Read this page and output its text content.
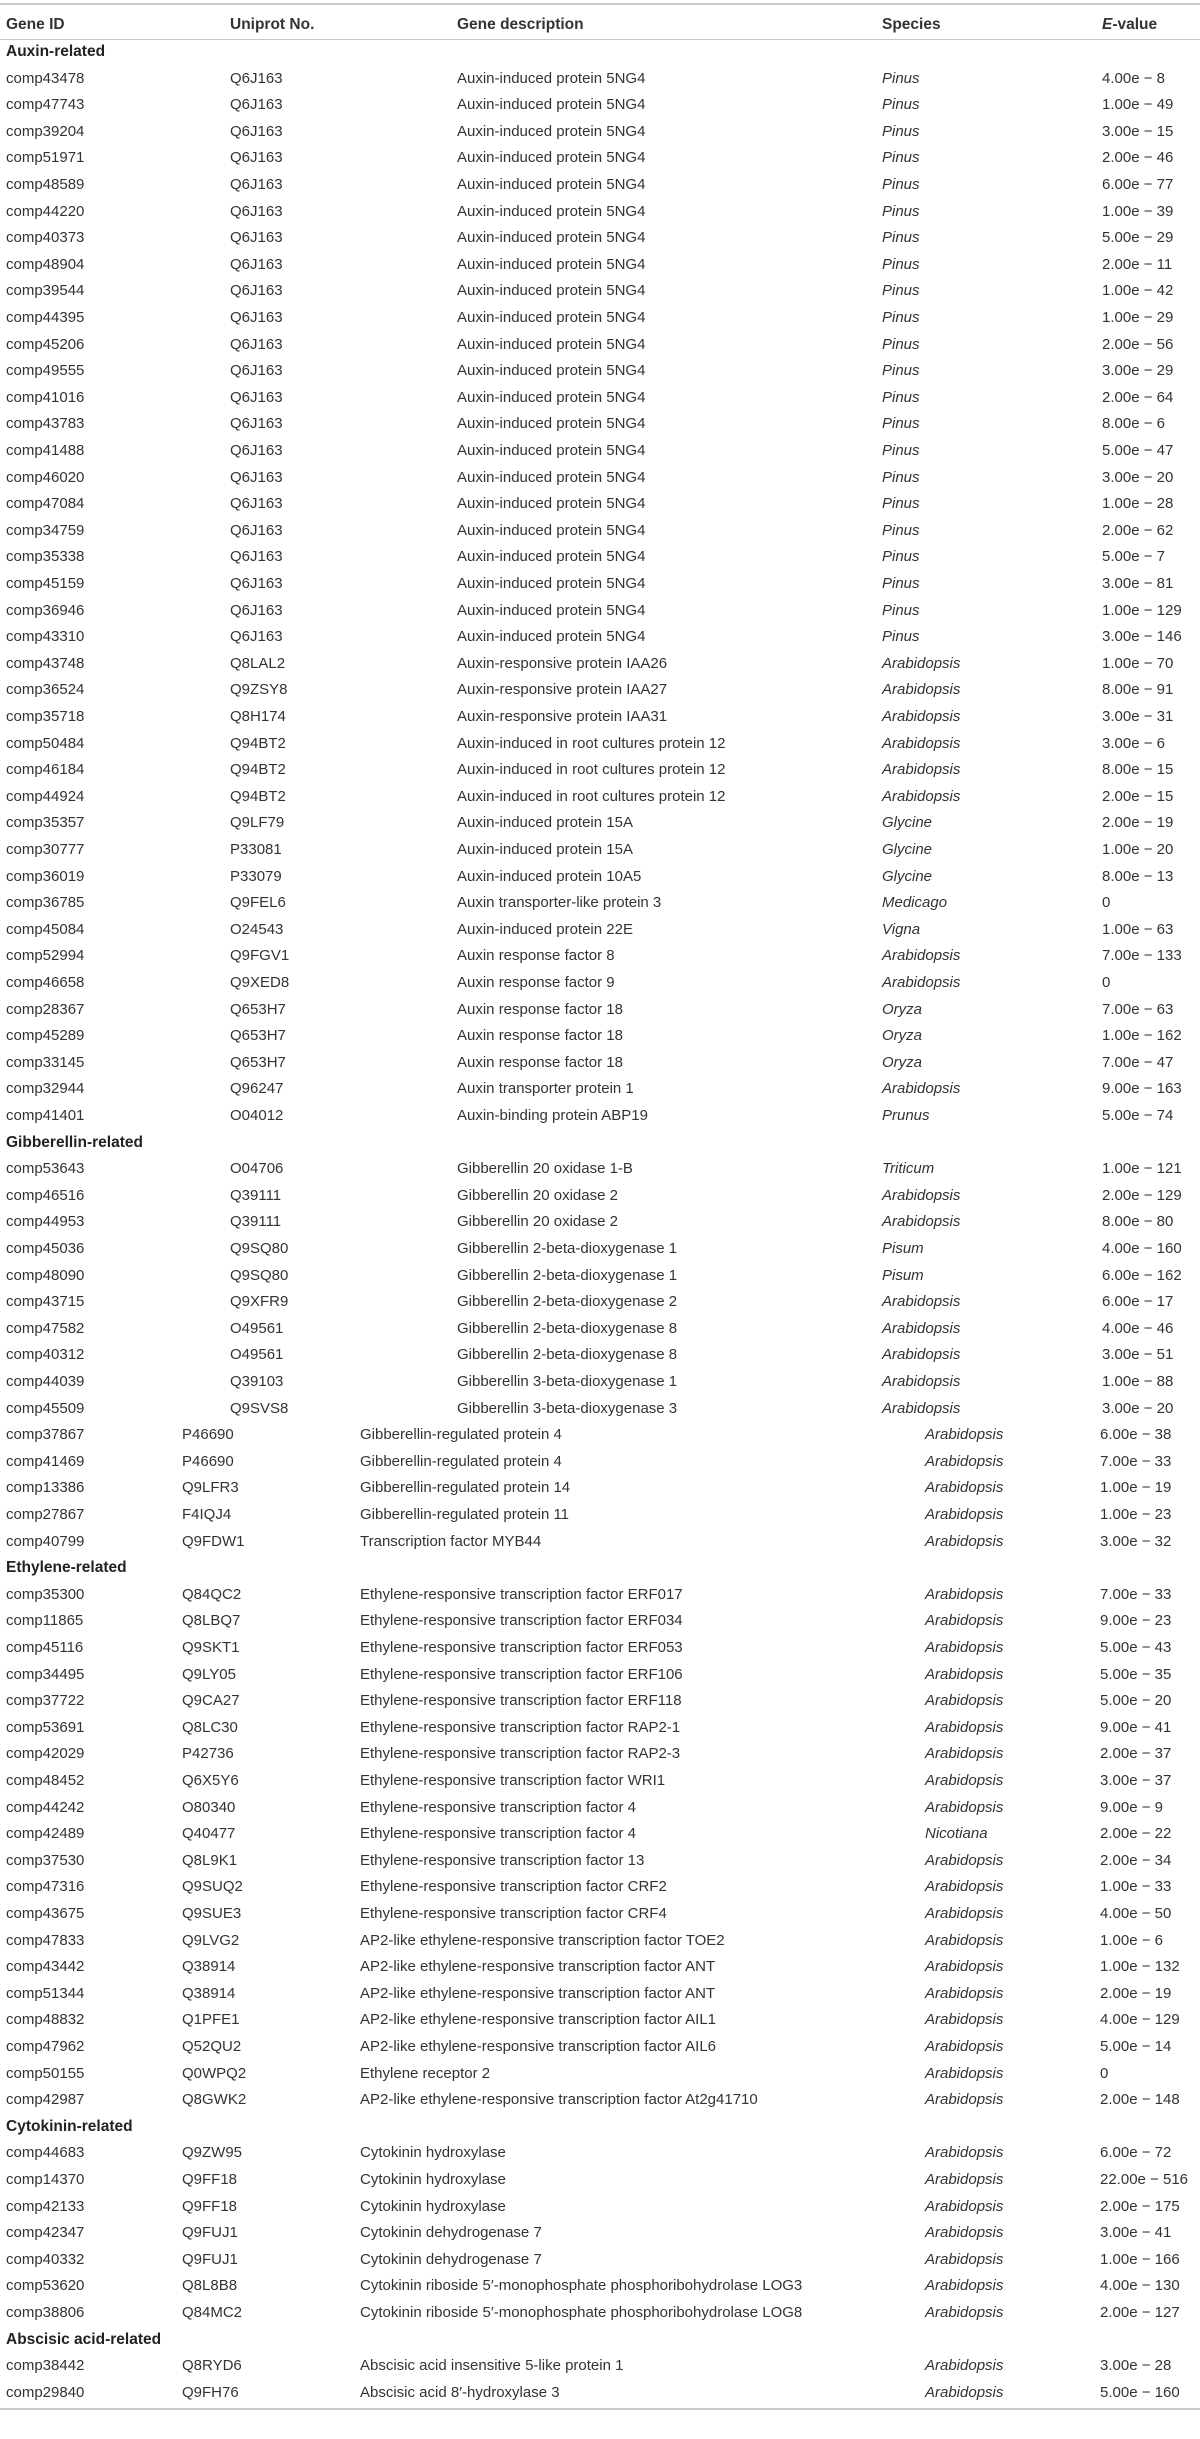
Gene ID	Uniprot No.	Gene description	Species	E-value
Auxin-related
comp43478	Q6J163	Auxin-induced protein 5NG4	Pinus	4.00e − 8
comp47743	Q6J163	Auxin-induced protein 5NG4	Pinus	1.00e − 49
comp39204	Q6J163	Auxin-induced protein 5NG4	Pinus	3.00e − 15
comp51971	Q6J163	Auxin-induced protein 5NG4	Pinus	2.00e − 46
comp48589	Q6J163	Auxin-induced protein 5NG4	Pinus	6.00e − 77
comp44220	Q6J163	Auxin-induced protein 5NG4	Pinus	1.00e − 39
comp40373	Q6J163	Auxin-induced protein 5NG4	Pinus	5.00e − 29
comp48904	Q6J163	Auxin-induced protein 5NG4	Pinus	2.00e − 11
comp39544	Q6J163	Auxin-induced protein 5NG4	Pinus	1.00e − 42
comp44395	Q6J163	Auxin-induced protein 5NG4	Pinus	1.00e − 29
comp45206	Q6J163	Auxin-induced protein 5NG4	Pinus	2.00e − 56
comp49555	Q6J163	Auxin-induced protein 5NG4	Pinus	3.00e − 29
comp41016	Q6J163	Auxin-induced protein 5NG4	Pinus	2.00e − 64
comp43783	Q6J163	Auxin-induced protein 5NG4	Pinus	8.00e − 6
comp41488	Q6J163	Auxin-induced protein 5NG4	Pinus	5.00e − 47
comp46020	Q6J163	Auxin-induced protein 5NG4	Pinus	3.00e − 20
comp47084	Q6J163	Auxin-induced protein 5NG4	Pinus	1.00e − 28
comp34759	Q6J163	Auxin-induced protein 5NG4	Pinus	2.00e − 62
comp35338	Q6J163	Auxin-induced protein 5NG4	Pinus	5.00e − 7
comp45159	Q6J163	Auxin-induced protein 5NG4	Pinus	3.00e − 81
comp36946	Q6J163	Auxin-induced protein 5NG4	Pinus	1.00e − 129
comp43310	Q6J163	Auxin-induced protein 5NG4	Pinus	3.00e − 146
comp43748	Q8LAL2	Auxin-responsive protein IAA26	Arabidopsis	1.00e − 70
comp36524	Q9ZSY8	Auxin-responsive protein IAA27	Arabidopsis	8.00e − 91
comp35718	Q8H174	Auxin-responsive protein IAA31	Arabidopsis	3.00e − 31
comp50484	Q94BT2	Auxin-induced in root cultures protein 12	Arabidopsis	3.00e − 6
comp46184	Q94BT2	Auxin-induced in root cultures protein 12	Arabidopsis	8.00e − 15
comp44924	Q94BT2	Auxin-induced in root cultures protein 12	Arabidopsis	2.00e − 15
comp35357	Q9LF79	Auxin-induced protein 15A	Glycine	2.00e − 19
comp30777	P33081	Auxin-induced protein 15A	Glycine	1.00e − 20
comp36019	P33079	Auxin-induced protein 10A5	Glycine	8.00e − 13
comp36785	Q9FEL6	Auxin transporter-like protein 3	Medicago	0
comp45084	O24543	Auxin-induced protein 22E	Vigna	1.00e − 63
comp52994	Q9FGV1	Auxin response factor 8	Arabidopsis	7.00e − 133
comp46658	Q9XED8	Auxin response factor 9	Arabidopsis	0
comp28367	Q653H7	Auxin response factor 18	Oryza	7.00e − 63
comp45289	Q653H7	Auxin response factor 18	Oryza	1.00e − 162
comp33145	Q653H7	Auxin response factor 18	Oryza	7.00e − 47
comp32944	Q96247	Auxin transporter protein 1	Arabidopsis	9.00e − 163
comp41401	O04012	Auxin-binding protein ABP19	Prunus	5.00e − 74
Gibberellin-related
comp53643	O04706	Gibberellin 20 oxidase 1-B	Triticum	1.00e − 121
comp46516	Q39111	Gibberellin 20 oxidase 2	Arabidopsis	2.00e − 129
comp44953	Q39111	Gibberellin 20 oxidase 2	Arabidopsis	8.00e − 80
comp45036	Q9SQ80	Gibberellin 2-beta-dioxygenase 1	Pisum	4.00e − 160
comp48090	Q9SQ80	Gibberellin 2-beta-dioxygenase 1	Pisum	6.00e − 162
comp43715	Q9XFR9	Gibberellin 2-beta-dioxygenase 2	Arabidopsis	6.00e − 17
comp47582	O49561	Gibberellin 2-beta-dioxygenase 8	Arabidopsis	4.00e − 46
comp40312	O49561	Gibberellin 2-beta-dioxygenase 8	Arabidopsis	3.00e − 51
comp44039	Q39103	Gibberellin 3-beta-dioxygenase 1	Arabidopsis	1.00e − 88
comp45509	Q9SVS8	Gibberellin 3-beta-dioxygenase 3	Arabidopsis	3.00e − 20
comp37867	P46690	Gibberellin-regulated protein 4	Arabidopsis	6.00e − 38
comp41469	P46690	Gibberellin-regulated protein 4	Arabidopsis	7.00e − 33
comp13386	Q9LFR3	Gibberellin-regulated protein 14	Arabidopsis	1.00e − 19
comp27867	F4IQJ4	Gibberellin-regulated protein 11	Arabidopsis	1.00e − 23
comp40799	Q9FDW1	Transcription factor MYB44	Arabidopsis	3.00e − 32
Ethylene-related
comp35300	Q84QC2	Ethylene-responsive transcription factor ERF017	Arabidopsis	7.00e − 33
comp11865	Q8LBQ7	Ethylene-responsive transcription factor ERF034	Arabidopsis	9.00e − 23
comp45116	Q9SKT1	Ethylene-responsive transcription factor ERF053	Arabidopsis	5.00e − 43
comp34495	Q9LY05	Ethylene-responsive transcription factor ERF106	Arabidopsis	5.00e − 35
comp37722	Q9CA27	Ethylene-responsive transcription factor ERF118	Arabidopsis	5.00e − 20
comp53691	Q8LC30	Ethylene-responsive transcription factor RAP2-1	Arabidopsis	9.00e − 41
comp42029	P42736	Ethylene-responsive transcription factor RAP2-3	Arabidopsis	2.00e − 37
comp48452	Q6X5Y6	Ethylene-responsive transcription factor WRI1	Arabidopsis	3.00e − 37
comp44242	O80340	Ethylene-responsive transcription factor 4	Arabidopsis	9.00e − 9
comp42489	Q40477	Ethylene-responsive transcription factor 4	Nicotiana	2.00e − 22
comp37530	Q8L9K1	Ethylene-responsive transcription factor 13	Arabidopsis	2.00e − 34
comp47316	Q9SUQ2	Ethylene-responsive transcription factor CRF2	Arabidopsis	1.00e − 33
comp43675	Q9SUE3	Ethylene-responsive transcription factor CRF4	Arabidopsis	4.00e − 50
comp47833	Q9LVG2	AP2-like ethylene-responsive transcription factor TOE2	Arabidopsis	1.00e − 6
comp43442	Q38914	AP2-like ethylene-responsive transcription factor ANT	Arabidopsis	1.00e − 132
comp51344	Q38914	AP2-like ethylene-responsive transcription factor ANT	Arabidopsis	2.00e − 19
comp48832	Q1PFE1	AP2-like ethylene-responsive transcription factor AIL1	Arabidopsis	4.00e − 129
comp47962	Q52QU2	AP2-like ethylene-responsive transcription factor AIL6	Arabidopsis	5.00e − 14
comp50155	Q0WPQ2	Ethylene receptor 2	Arabidopsis	0
comp42987	Q8GWK2	AP2-like ethylene-responsive transcription factor At2g41710	Arabidopsis	2.00e − 148
Cytokinin-related
comp44683	Q9ZW95	Cytokinin hydroxylase	Arabidopsis	6.00e − 72
comp14370	Q9FF18	Cytokinin hydroxylase	Arabidopsis	22.00e − 516
comp42133	Q9FF18	Cytokinin hydroxylase	Arabidopsis	2.00e − 175
comp42347	Q9FUJ1	Cytokinin dehydrogenase 7	Arabidopsis	3.00e − 41
comp40332	Q9FUJ1	Cytokinin dehydrogenase 7	Arabidopsis	1.00e − 166
comp53620	Q8L8B8	Cytokinin riboside 5′-monophosphate phosphoribohydrolase LOG3	Arabidopsis	4.00e − 130
comp38806	Q84MC2	Cytokinin riboside 5′-monophosphate phosphoribohydrolase LOG8	Arabidopsis	2.00e − 127
Abscisic acid-related
comp38442	Q8RYD6	Abscisic acid insensitive 5-like protein 1	Arabidopsis	3.00e − 28
comp29840	Q9FH76	Abscisic acid 8′-hydroxylase 3	Arabidopsis	5.00e − 160
